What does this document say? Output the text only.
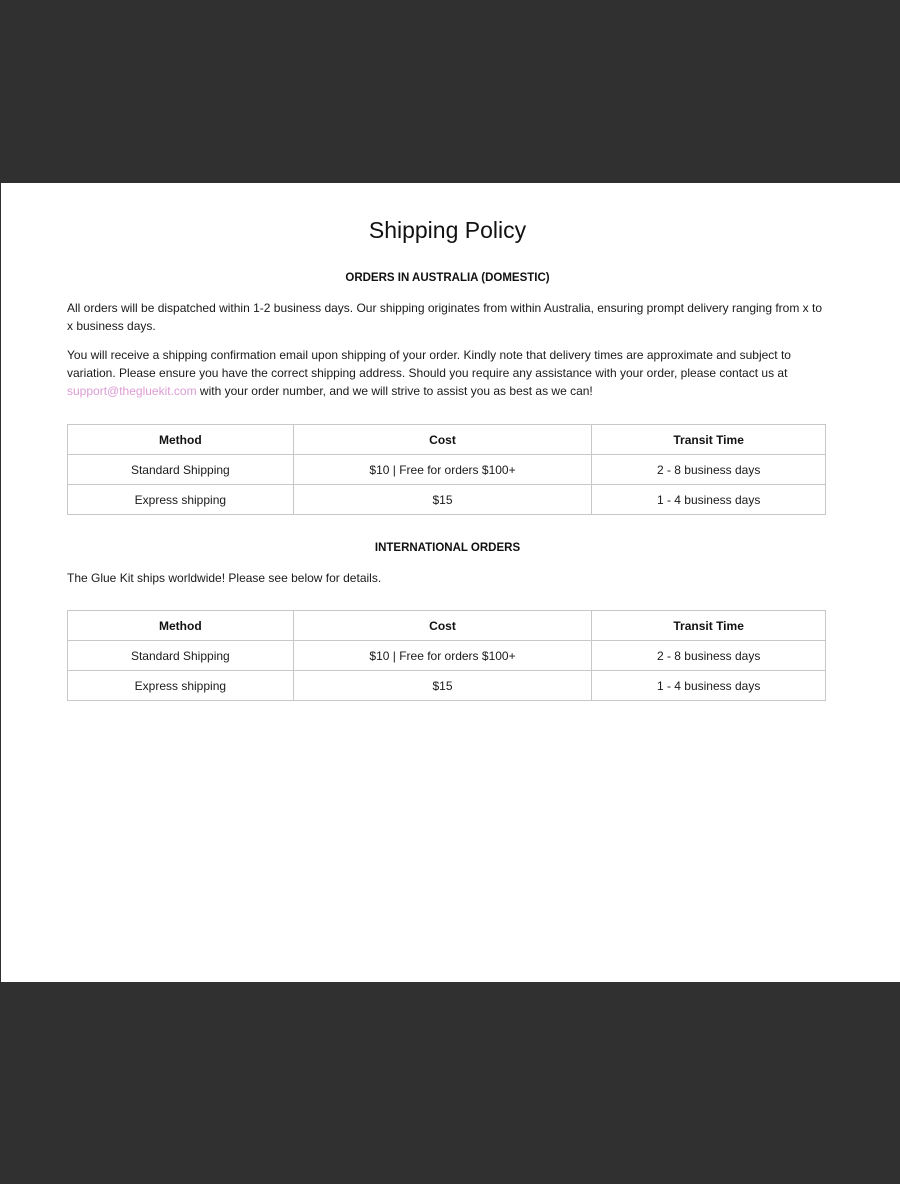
Shipping Policy
ORDERS IN AUSTRALIA (DOMESTIC)

All orders will be dispatched within 1-2 business days. Our shipping originates from within Australia, ensuring prompt delivery ranging from x to x business days.

You will receive a shipping confirmation email upon shipping of your order. Kindly note that delivery times are approximate and subject to variation. Please ensure you have the correct shipping address. Should you require any assistance with your order, please contact us at support@thegluekit.com with your order number, and we will strive to assist you as best as we can!

Method	Cost	Transit Time
Standard Shipping	$10 | Free for orders $100+	2 - 8 business days
Express shipping	$15	1 - 4 business days
INTERNATIONAL ORDERS

The Glue Kit ships worldwide! Please see below for details.

Method	Cost	Transit Time
Standard Shipping	$10 | Free for orders $100+	2 - 8 business days
Express shipping	$15	1 - 4 business days
